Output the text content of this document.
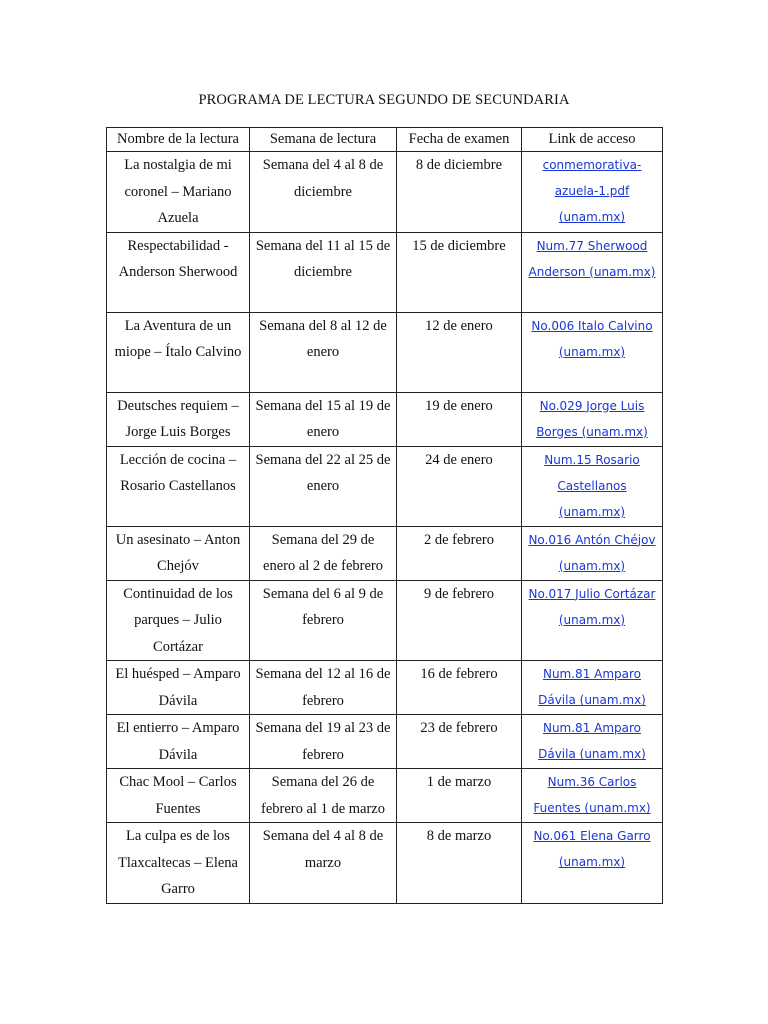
PROGRAMA DE LECTURA SEGUNDO DE SECUNDARIA
Nombre de la lectura	Semana de lectura	Fecha de examen	Link de acceso
La nostalgia de mi coronel – Mariano Azuela	Semana del 4 al 8 de diciembre	8 de diciembre	conmemorativa-azuela-1.pdf (unam.mx)
Respectabilidad - Anderson Sherwood	Semana del 11 al 15 de diciembre	15 de diciembre	Num.77 Sherwood Anderson (unam.mx)
La Aventura de un miope – Ítalo Calvino	Semana del 8 al 12 de enero	12 de enero	No.006 Italo Calvino (unam.mx)
Deutsches requiem – Jorge Luis Borges	Semana del 15 al 19 de enero	19 de enero	No.029 Jorge Luis Borges (unam.mx)
Lección de cocina – Rosario Castellanos	Semana del 22 al 25 de enero	24 de enero	Num.15 Rosario Castellanos (unam.mx)
Un asesinato – Anton Chejóv	Semana del 29 de enero al 2 de febrero	2 de febrero	No.016 Antón Chéjov (unam.mx)
Continuidad de los parques – Julio Cortázar	Semana del 6 al 9 de febrero	9 de febrero	No.017 Julio Cortázar (unam.mx)
El huésped – Amparo Dávila	Semana del 12 al 16 de febrero	16 de febrero	Num.81 Amparo Dávila (unam.mx)
El entierro – Amparo Dávila	Semana del 19 al 23 de febrero	23 de febrero	Num.81 Amparo Dávila (unam.mx)
Chac Mool – Carlos Fuentes	Semana del 26 de febrero al 1 de marzo	1 de marzo	Num.36 Carlos Fuentes (unam.mx)
La culpa es de los Tlaxcaltecas – Elena Garro	Semana del 4 al 8 de marzo	8 de marzo	No.061 Elena Garro (unam.mx)
